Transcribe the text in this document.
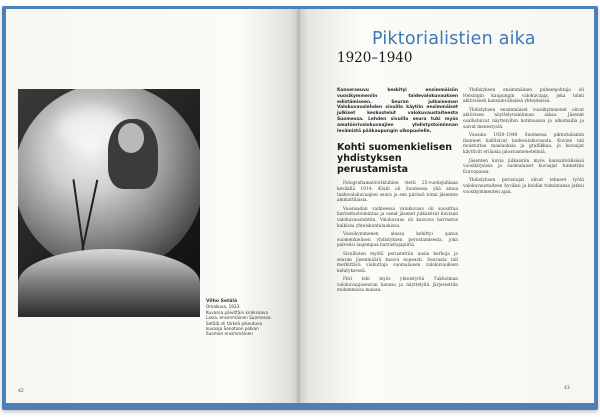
Vilho Setälä
Omakuva, 1933.
Kuvassa päivittäin kiroksaava
Lasia, ensimmäinen Suomessa.
Setälä oli tärkeä pikeutuva
kuvaaja Sanotaan polkan
Suomen ensimmäinen
42
Piktorialistien aika
1920–1940

Konserseuvu keskityi ensimmäisiin vuosikymmeniin taidevalokuvauksen edistämiseen. Seuran julkaiseman Valokuvauslehden sivuilla käytiin ensimmäiset julkiset keskustelut valokuvaustaiteesta Suomessa. Lehden sivuilla seura tuki myös amatöörivalokuvaajien yhdistystoiminnan levämistä pääkaupungin ulkopuolelle.

Kohti suomenkielisen yhdistyksen perustamista

Fotografiamatööriklubien vietti 25-vuotisjuhlaan keväällä 1914. Klubi oli Suomessa yhä ainoa taidevalokuvaajien seura ja sen piirissä toimi jäsenten ammattilaisia.

Vuosisadan vaihteessa valokuvaus oli suosittua harrastustoimintaa ja useat jäsenet julkaisivat kuviaan valokuvauslehtiin. Valokuvaus oli kasvava harrastus kaikissa yhteiskuntaluokissa.

Vuosikymmenen alussa kehittyi ajatus suomenkielisen yhdistyksen perustamisesta, joka palvelisi laajempaa harrastajapiiriä.

Sivullisten myötä perustettiin uusia kerhoja ja seuran jäsenmäärä kasvoi nopeasti. Seurasta tuli merkittävä vaikuttaja suomalaisen valokuvauksen kehityksessä.

Piiri teki myös yhteistyötä Tukholman valokuvaajaseuran kanssa ja näyttelyitä järjestettiin molemmissa maissa.

Yhdistyksen ensimmäinen puheenjohtaja oli Helsingin kaupungin valokuvaaja, joka toimi aktiivisesti kansainvälisissä yhteyksissä.

Yhdistyksen ensimmäiset vuosikymmenet olivat aktiivisen näyttelytoiminnan aikaa. Jäsenet osallistuivat näyttelyihin kotimaassa ja ulkomailla ja saivat menestystä.

Vuosina 1920–1940 Suomessa piktorialismin ihanteet hallitsivat taidevalokuvausta. Kuvien tuli muistuttaa maalauksia ja grafiikkaa, ja kuvaajat käyttivät erilaisia jalostusmenetelmiä.

Jäsenten kuvia julkaistiin myös kansainvälisissä vuosikirjoissa ja suomalaiset kuvaajat tunnettiin Euroopassa.

Yhdistyksen perustajat olivat tehneet työtä valokuvaustaiteen hyväksi ja heidän toimintansa jatkui vuosikymmenten ajan.

43
